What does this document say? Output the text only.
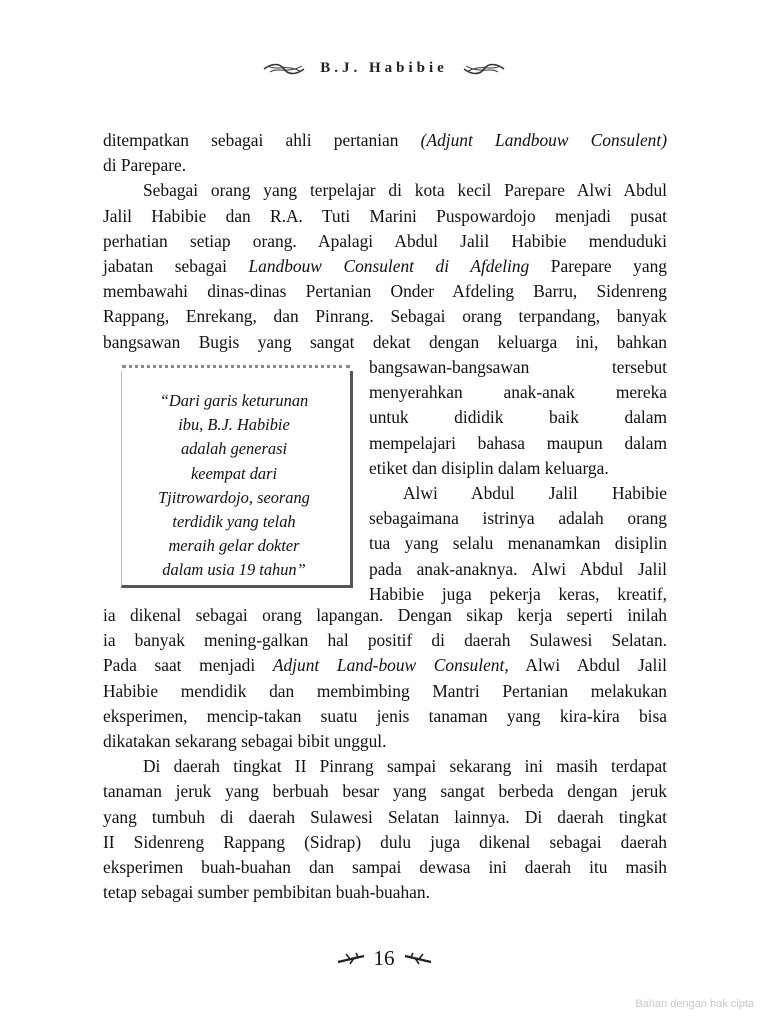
B.J. Habibie
ditempatkan sebagai ahli pertanian (Adjunt Landbouw Consulent)
di Parepare.
Sebagai orang yang terpelajar di kota kecil Parepare Alwi Abdul
Jalil Habibie dan R.A. Tuti Marini Puspowardojo menjadi pusat
perhatian setiap orang. Apalagi Abdul Jalil Habibie menduduki
jabatan sebagai Landbouw Consulent di Afdeling Parepare yang
membawahi dinas-dinas Pertanian Onder Afdeling Barru, Sidenreng
Rappang, Enrekang, dan Pinrang. Sebagai orang terpandang, banyak
bangsawan Bugis yang sangat dekat dengan keluarga ini, bahkan
“Dari garis keturunan
ibu, B.J. Habibie
adalah generasi
keempat dari
Tjitrowardojo, seorang
terdidik yang telah
meraih gelar dokter
dalam usia 19 tahun”
bangsawan-bangsawan tersebut
menyerahkan anak-anak mereka
untuk dididik baik dalam
mempelajari bahasa maupun dalam
etiket dan disiplin dalam keluarga.
Alwi Abdul Jalil Habibie
sebagaimana istrinya adalah orang
tua yang selalu menanamkan disiplin
pada anak-anaknya. Alwi Abdul Jalil
Habibie juga pekerja keras, kreatif,
ia dikenal sebagai orang lapangan. Dengan sikap kerja seperti inilah
ia banyak mening-galkan hal positif di daerah Sulawesi Selatan.
Pada saat menjadi Adjunt Land-bouw Consulent, Alwi Abdul Jalil
Habibie mendidik dan membimbing Mantri Pertanian melakukan
eksperimen, mencip-takan suatu jenis tanaman yang kira-kira bisa
dikatakan sekarang sebagai bibit unggul.
Di daerah tingkat II Pinrang sampai sekarang ini masih terdapat
tanaman jeruk yang berbuah besar yang sangat berbeda dengan jeruk
yang tumbuh di daerah Sulawesi Selatan lainnya. Di daerah tingkat
II Sidenreng Rappang (Sidrap) dulu juga dikenal sebagai daerah
eksperimen buah-buahan dan sampai dewasa ini daerah itu masih
tetap sebagai sumber pembibitan buah-buahan.
16
Bahan dengan hak cipta
